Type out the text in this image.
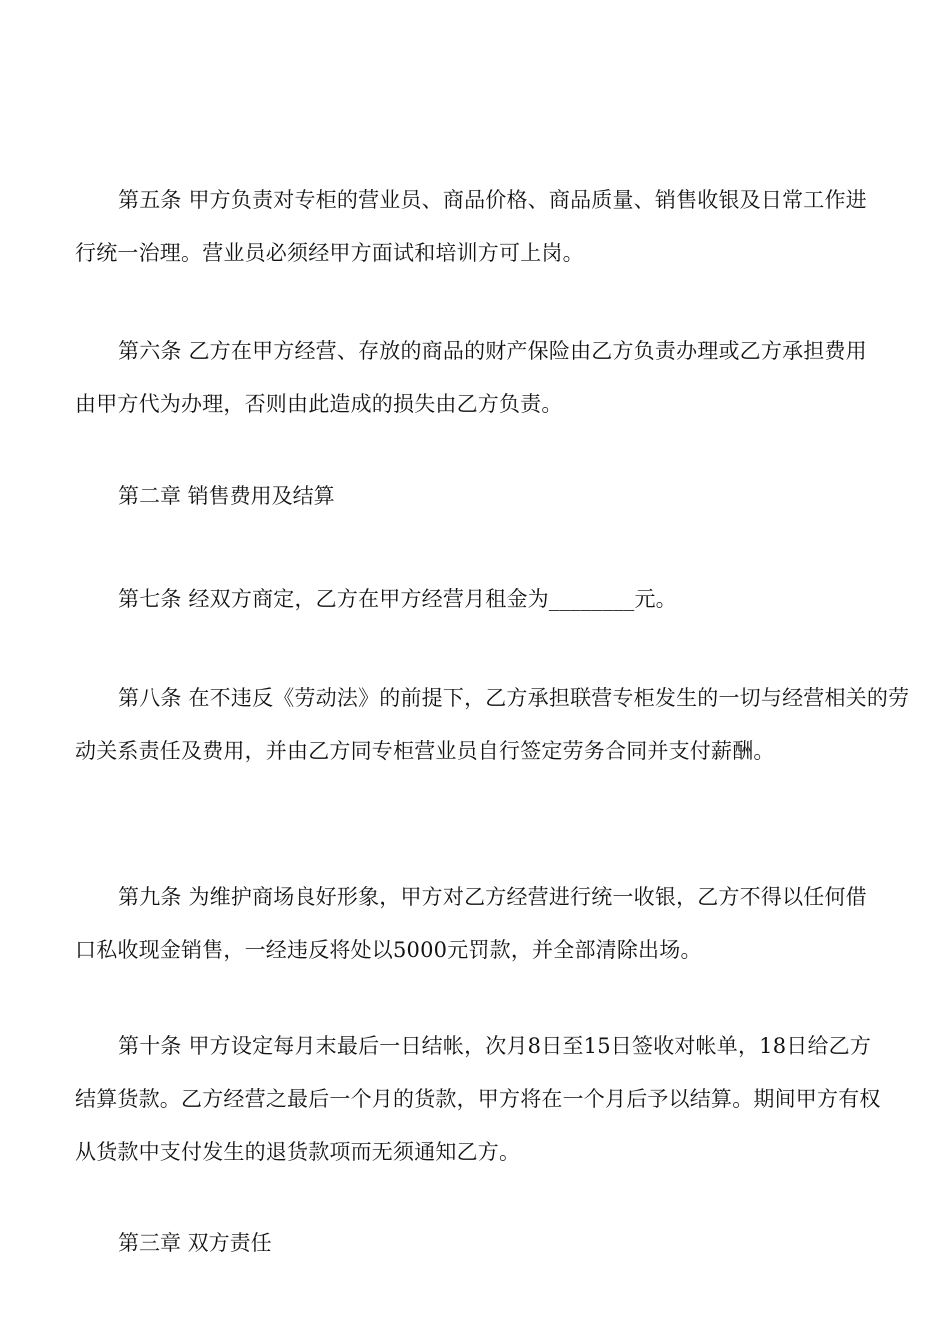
第五条 甲方负责对专柜的营业员、商品价格、商品质量、销售收银及日常工作进行统一治理。营业员必须经甲方面试和培训方可上岗。

第六条 乙方在甲方经营、存放的商品的财产保险由乙方负责办理或乙方承担费用由甲方代为办理，否则由此造成的损失由乙方负责。

第二章 销售费用及结算

第七条 经双方商定，乙方在甲方经营月租金为________元。

第八条 在不违反《劳动法》的前提下，乙方承担联营专柜发生的一切与经营相关的劳动关系责任及费用，并由乙方同专柜营业员自行签定劳务合同并支付薪酬。

第九条 为维护商场良好形象，甲方对乙方经营进行统一收银，乙方不得以任何借口私收现金销售，一经违反将处以5000元罚款，并全部清除出场。

第十条 甲方设定每月末最后一日结帐，次月8日至15日签收对帐单，18日给乙方结算货款。乙方经营之最后一个月的货款，甲方将在一个月后予以结算。期间甲方有权从货款中支付发生的退货款项而无须通知乙方。

第三章 双方责任
